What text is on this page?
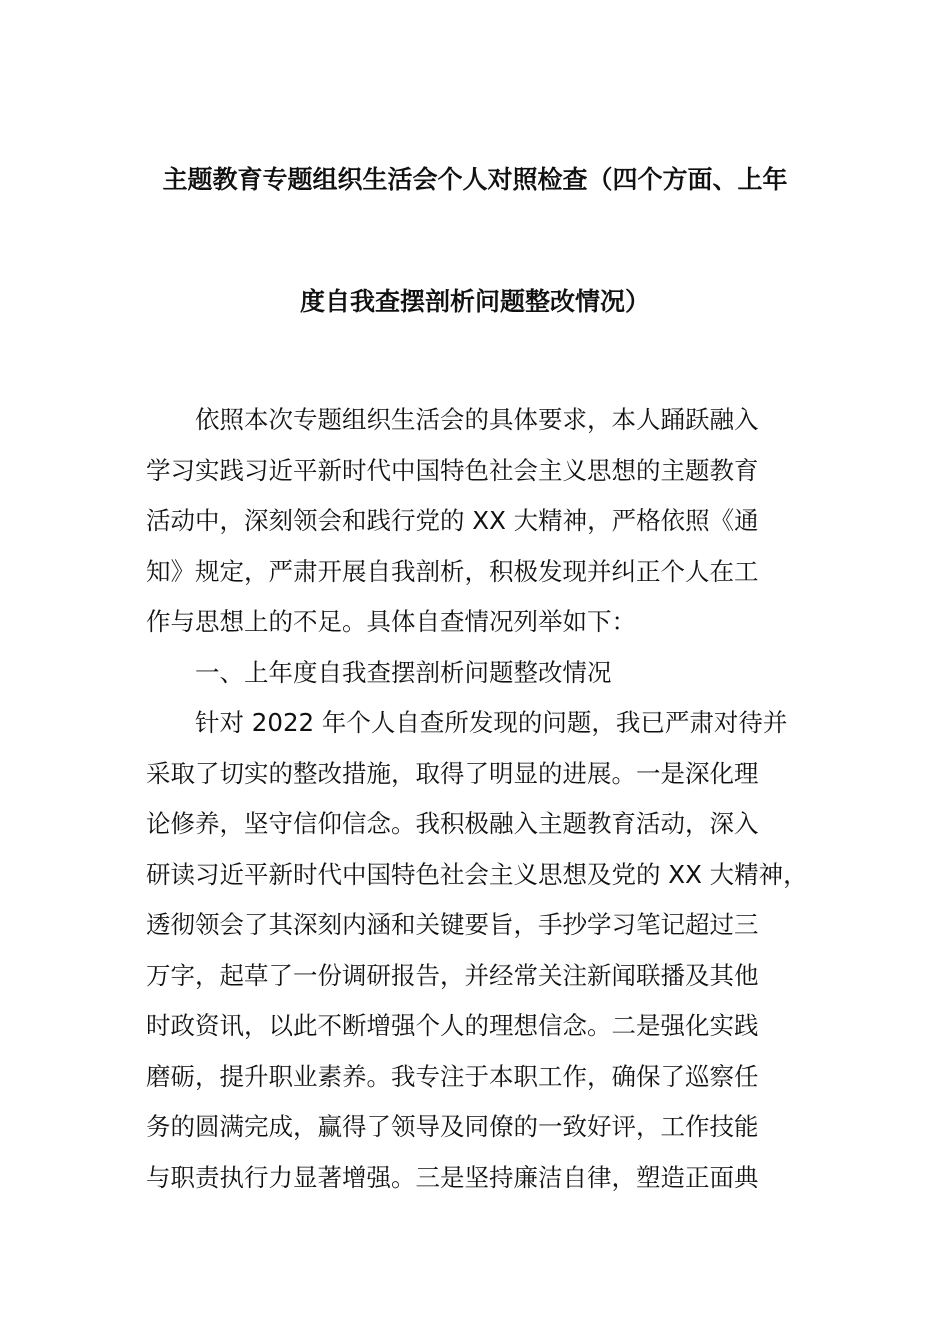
主题教育专题组织生活会个人对照检查（四个方面、上年
度自我查摆剖析问题整改情况）
依照本次专题组织生活会的具体要求，本人踊跃融入
学习实践习近平新时代中国特色社会主义思想的主题教育
活动中，深刻领会和践行党的 XX 大精神，严格依照《通
知》规定，严肃开展自我剖析，积极发现并纠正个人在工
作与思想上的不足。具体自查情况列举如下：
一、上年度自我查摆剖析问题整改情况
针对 2022 年个人自查所发现的问题，我已严肃对待并
采取了切实的整改措施，取得了明显的进展。一是深化理
论修养，坚守信仰信念。我积极融入主题教育活动，深入
研读习近平新时代中国特色社会主义思想及党的 XX 大精神，
透彻领会了其深刻内涵和关键要旨，手抄学习笔记超过三
万字，起草了一份调研报告，并经常关注新闻联播及其他
时政资讯，以此不断增强个人的理想信念。二是强化实践
磨砺，提升职业素养。我专注于本职工作，确保了巡察任
务的圆满完成，赢得了领导及同僚的一致好评，工作技能
与职责执行力显著增强。三是坚持廉洁自律，塑造正面典
